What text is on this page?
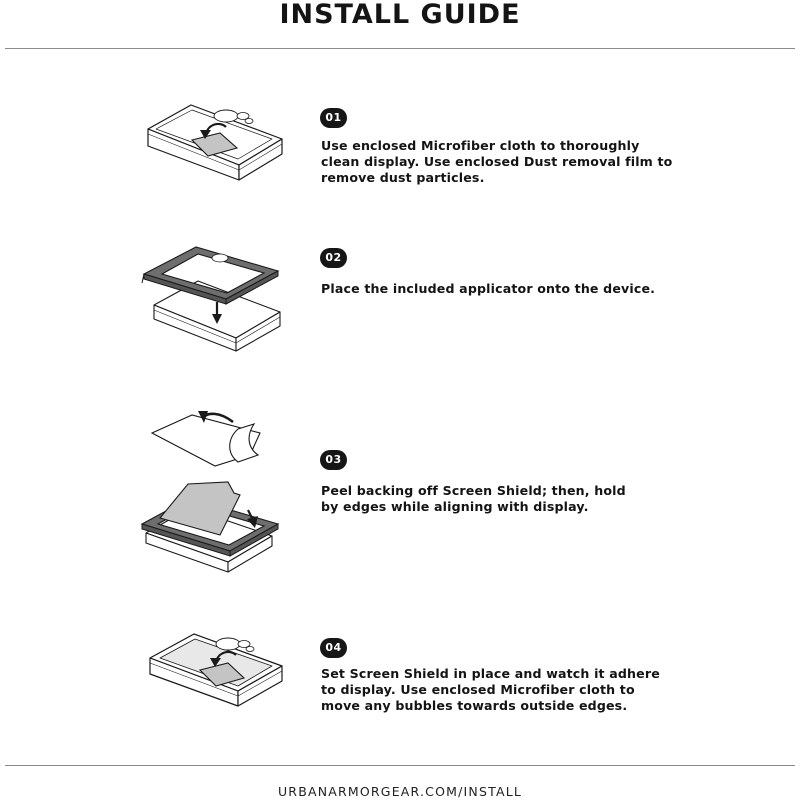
INSTALL GUIDE
01
Use enclosed Microfiber cloth to thoroughly clean display. Use enclosed Dust removal film to remove dust particles.
02
Place the included applicator onto the device.
03
Peel backing off Screen Shield; then, hold by edges while aligning with display.
04
Set Screen Shield in place and watch it adhere to display. Use enclosed Microfiber cloth to move any bubbles towards outside edges.
URBANARMORGEAR.COM/INSTALL
